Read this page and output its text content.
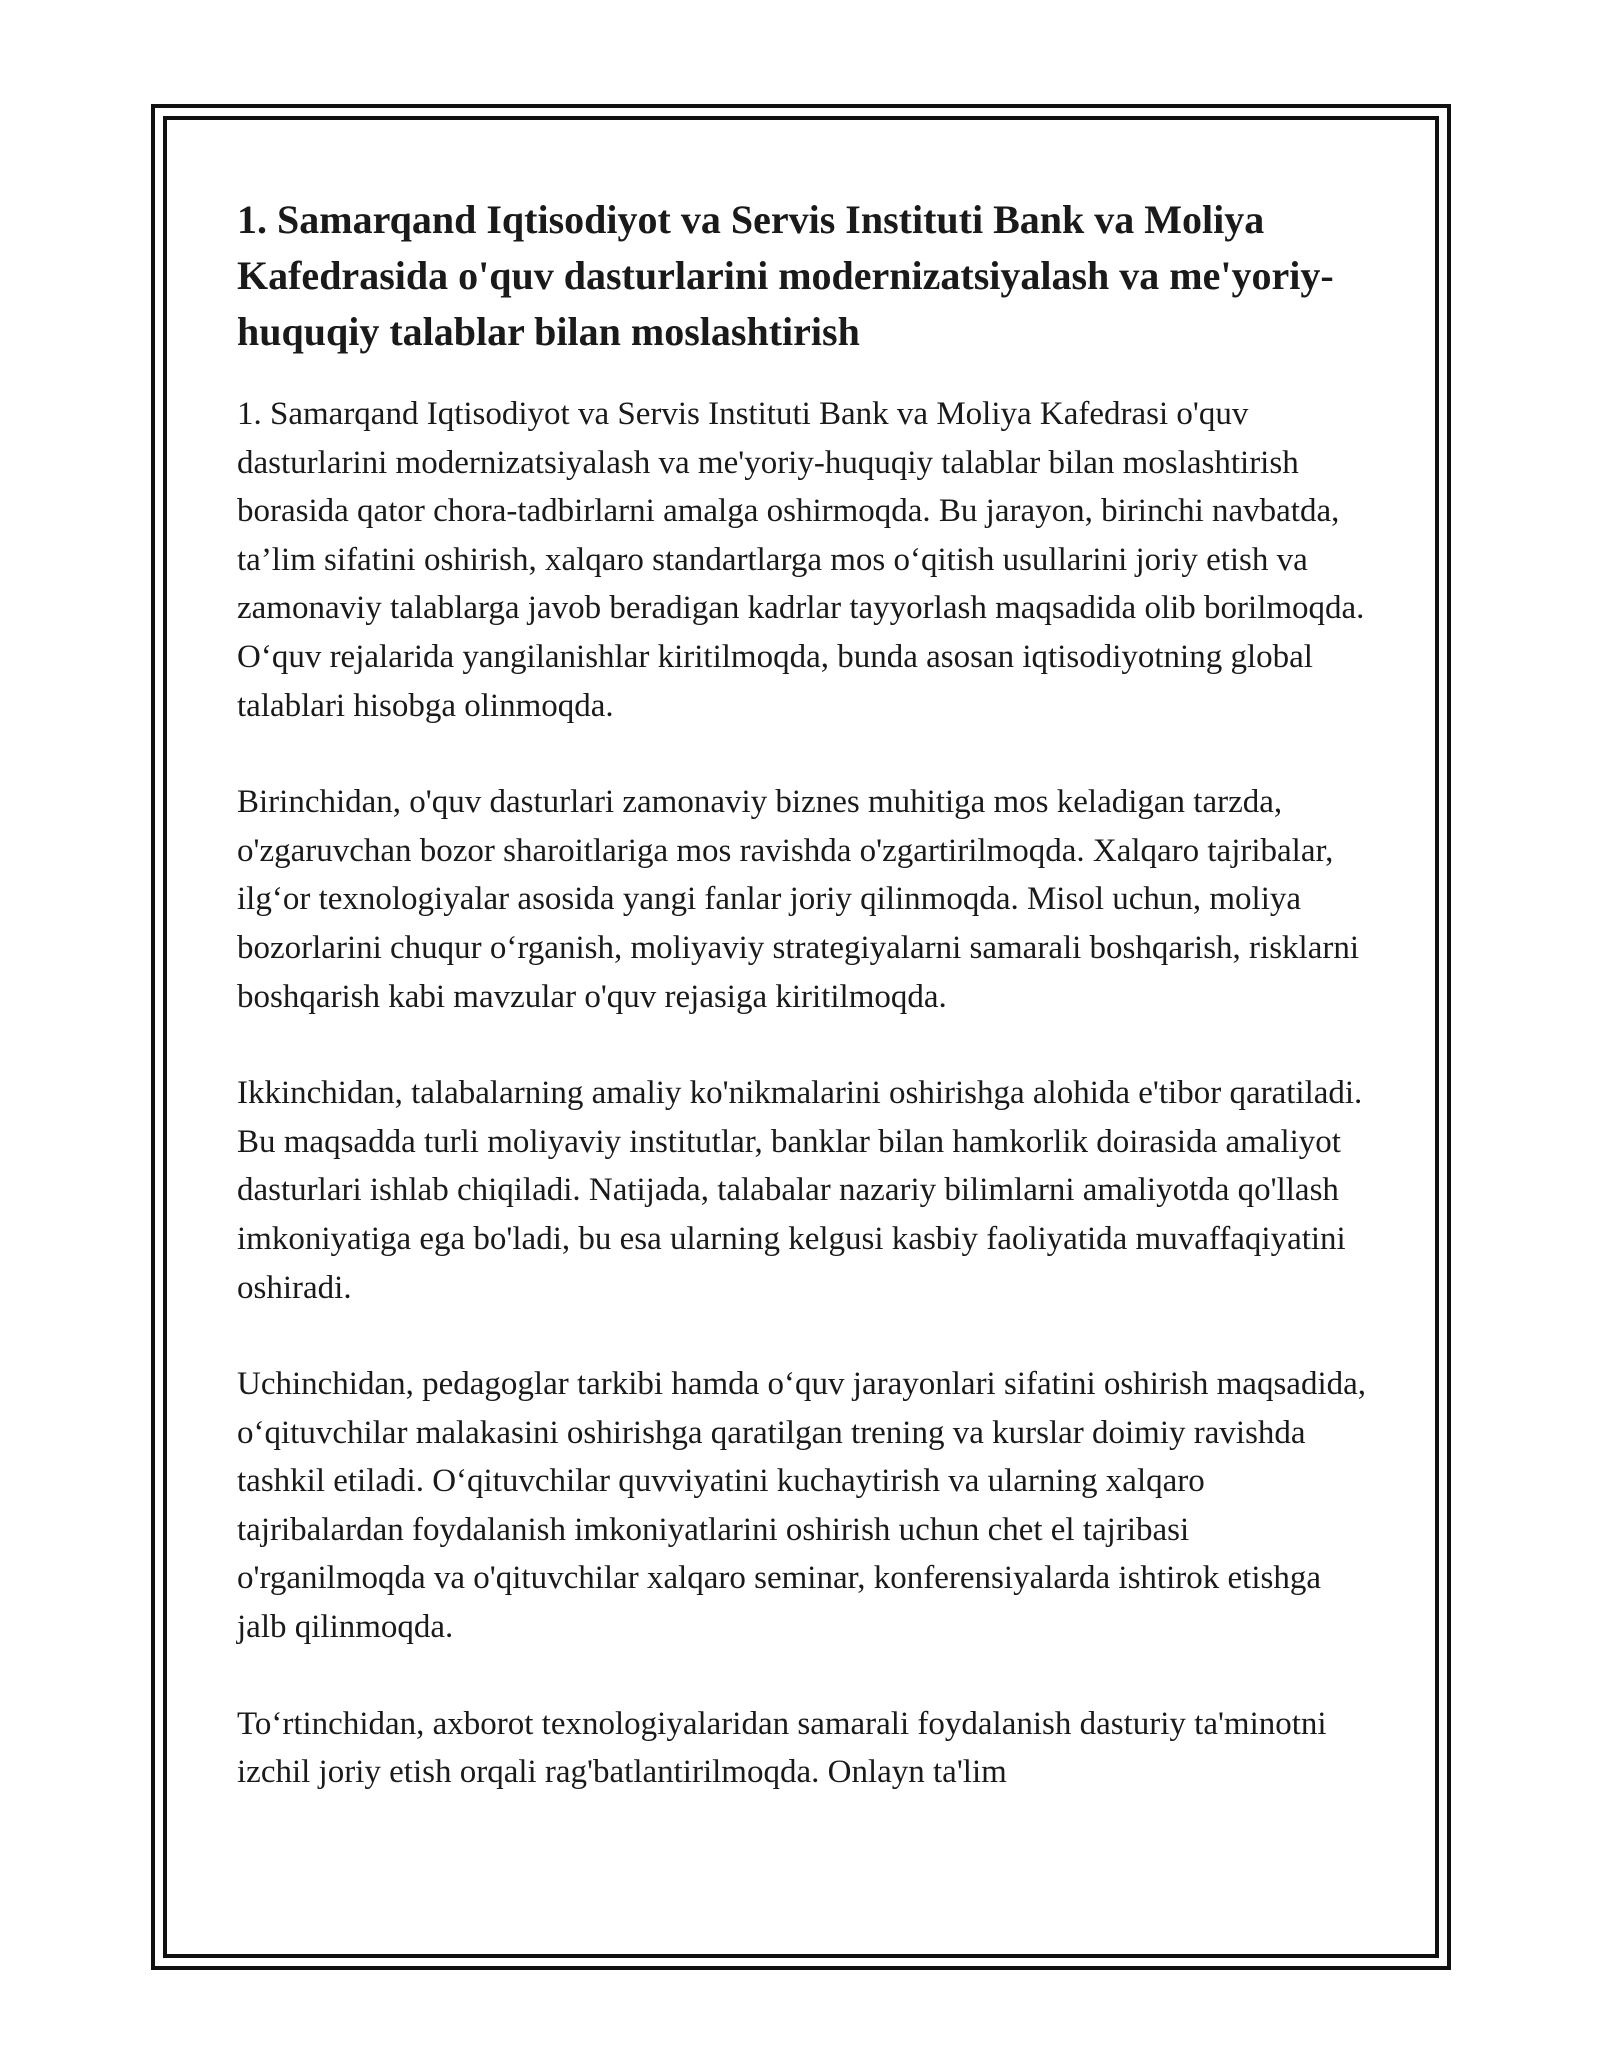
1. Samarqand Iqtisodiyot va Servis Instituti Bank va Moliya Kafedrasida o'quv dasturlarini modernizatsiyalash va me'yoriy-huquqiy talablar bilan moslashtirish

1. Samarqand Iqtisodiyot va Servis Instituti Bank va Moliya Kafedrasi o'quv dasturlarini modernizatsiyalash va me'yoriy-huquqiy talablar bilan moslashtirish borasida qator chora-tadbirlarni amalga oshirmoqda. Bu jarayon, birinchi navbatda, ta’lim sifatini oshirish, xalqaro standartlarga mos o‘qitish usullarini joriy etish va zamonaviy talablarga javob beradigan kadrlar tayyorlash maqsadida olib borilmoqda. O‘quv rejalarida yangilanishlar kiritilmoqda, bunda asosan iqtisodiyotning global talablari hisobga olinmoqda.

Birinchidan, o'quv dasturlari zamonaviy biznes muhitiga mos keladigan tarzda, o'zgaruvchan bozor sharoitlariga mos ravishda o'zgartirilmoqda. Xalqaro tajribalar, ilg‘or texnologiyalar asosida yangi fanlar joriy qilinmoqda. Misol uchun, moliya bozorlarini chuqur o‘rganish, moliyaviy strategiyalarni samarali boshqarish, risklarni boshqarish kabi mavzular o'quv rejasiga kiritilmoqda.

Ikkinchidan, talabalarning amaliy ko'nikmalarini oshirishga alohida e'tibor qaratiladi. Bu maqsadda turli moliyaviy institutlar, banklar bilan hamkorlik doirasida amaliyot dasturlari ishlab chiqiladi. Natijada, talabalar nazariy bilimlarni amaliyotda qo'llash imkoniyatiga ega bo'ladi, bu esa ularning kelgusi kasbiy faoliyatida muvaffaqiyatini oshiradi.

Uchinchidan, pedagoglar tarkibi hamda o‘quv jarayonlari sifatini oshirish maqsadida, o‘qituvchilar malakasini oshirishga qaratilgan trening va kurslar doimiy ravishda tashkil etiladi. O‘qituvchilar quvviyatini kuchaytirish va ularning xalqaro tajribalardan foydalanish imkoniyatlarini oshirish uchun chet el tajribasi o'rganilmoqda va o'qituvchilar xalqaro seminar, konferensiyalarda ishtirok etishga jalb qilinmoqda.

To‘rtinchidan, axborot texnologiyalaridan samarali foydalanish dasturiy ta'minotni izchil joriy etish orqali rag'batlantirilmoqda. Onlayn ta'lim
